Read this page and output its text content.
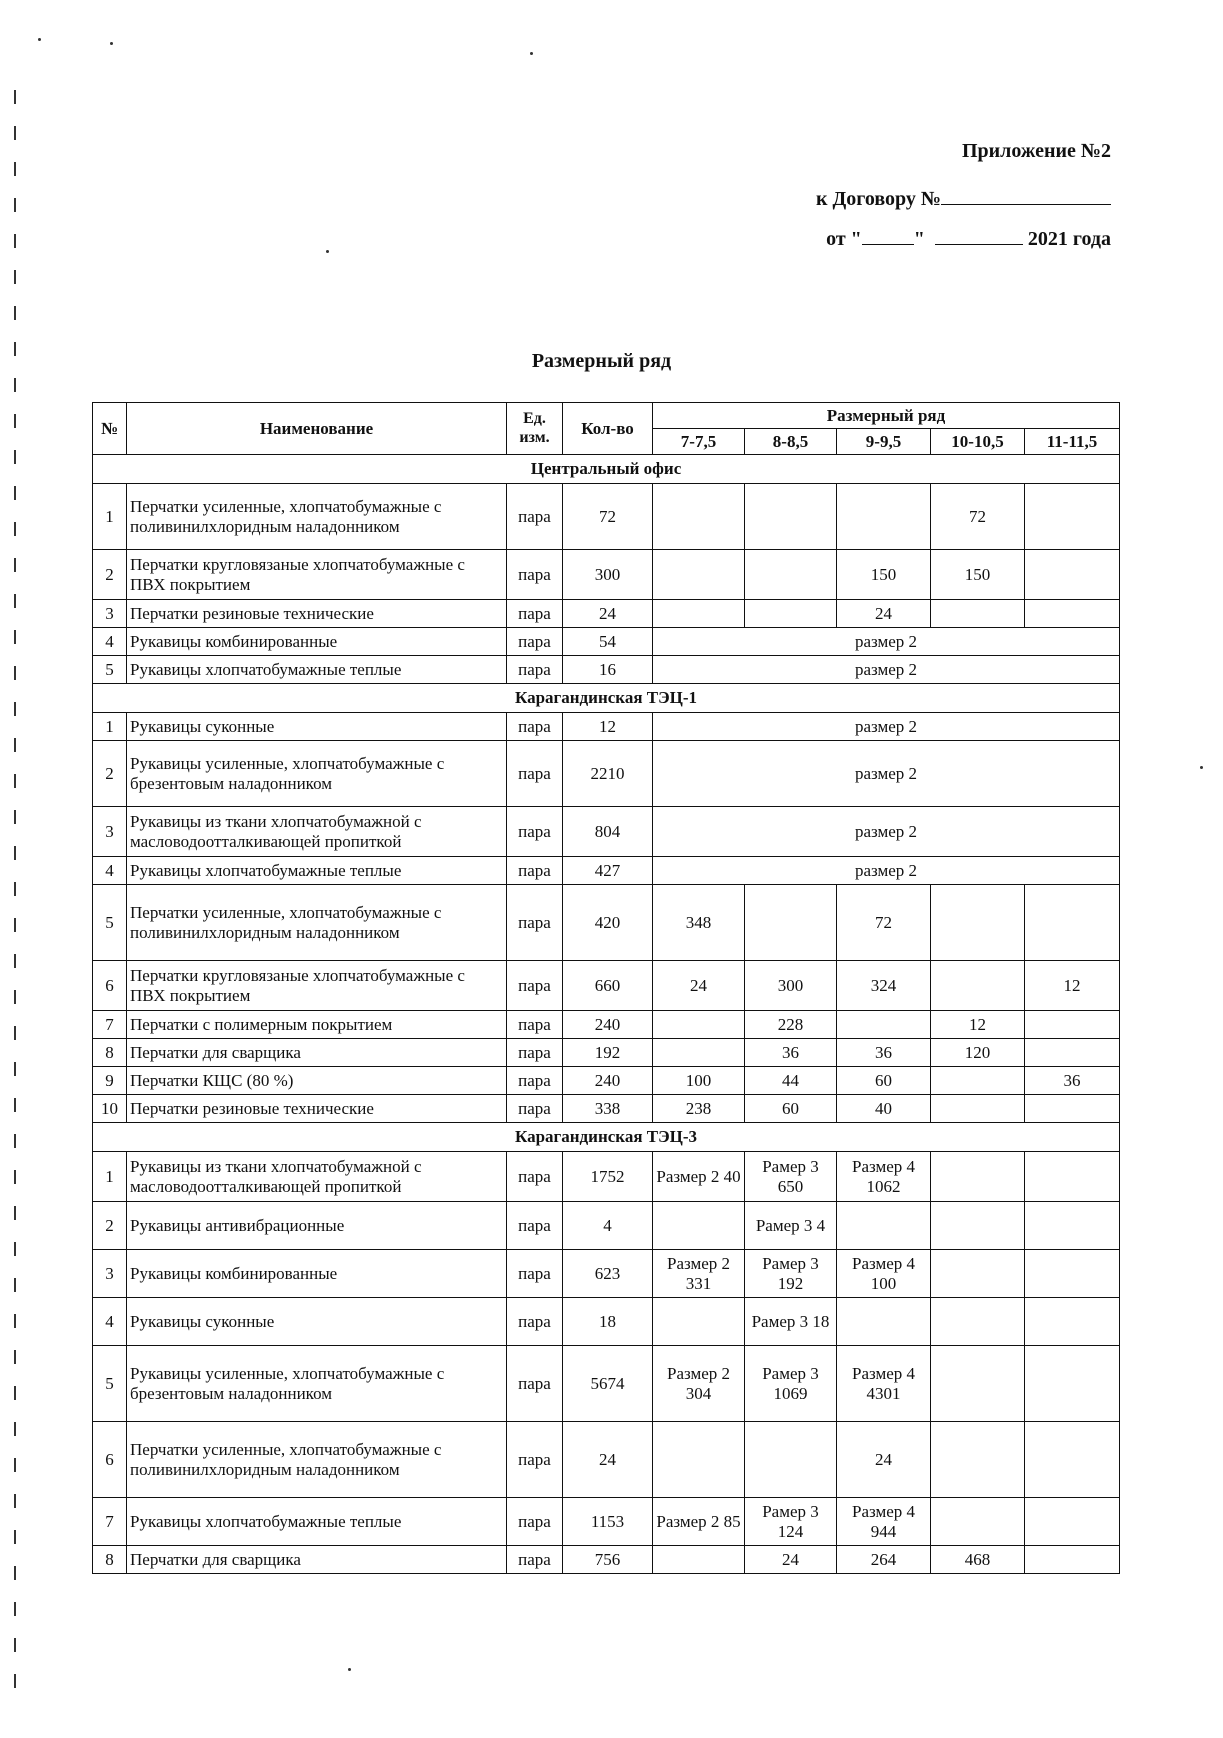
Приложение №2
к Договору №
от "	"	2021 года
Размерный ряд
№	Наименование	Ед. изм.	Кол-во	Размерный ряд				
				7-7,5	8-8,5	9-9,5	10-10,5	11-11,5
Центральный офис								
1	Перчатки усиленные, хлопчатобумажные с поливинилхлоридным наладонником	пара	72				72	
2	Перчатки кругловязаные хлопчатобумажные с ПВХ покрытием	пара	300			150	150	
3	Перчатки резиновые технические	пара	24			24		
4	Рукавицы комбинированные	пара	54	размер 2				
5	Рукавицы хлопчатобумажные теплые	пара	16	размер 2				
Карагандинская ТЭЦ-1								
1	Рукавицы суконные	пара	12	размер 2				
2	Рукавицы усиленные, хлопчатобумажные с брезентовым наладонником	пара	2210	размер 2				
3	Рукавицы из ткани хлопчатобумажной с масловодоотталкивающей пропиткой	пара	804	размер 2				
4	Рукавицы хлопчатобумажные теплые	пара	427	размер 2				
5	Перчатки усиленные, хлопчатобумажные с поливинилхлоридным наладонником	пара	420	348		72		
6	Перчатки кругловязаные хлопчатобумажные с ПВХ покрытием	пара	660	24	300	324		12
7	Перчатки с полимерным покрытием	пара	240		228		12	
8	Перчатки для сварщика	пара	192		36	36	120	
9	Перчатки КЩС (80 %)	пара	240	100	44	60		36
10	Перчатки резиновые технические	пара	338	238	60	40		
Карагандинская ТЭЦ-3								
1	Рукавицы из ткани хлопчатобумажной с масловодоотталкивающей пропиткой	пара	1752	Размер 2 40	Рамер 3 650	Размер 4 1062		
2	Рукавицы антивибрационные	пара	4		Рамер 3 4			
3	Рукавицы комбинированные	пара	623	Размер 2 331	Рамер 3 192	Размер 4 100		
4	Рукавицы суконные	пара	18		Рамер 3 18			
5	Рукавицы усиленные, хлопчатобумажные с брезентовым наладонником	пара	5674	Размер 2 304	Рамер 3 1069	Размер 4 4301		
6	Перчатки усиленные, хлопчатобумажные с поливинилхлоридным наладонником	пара	24			24		
7	Рукавицы хлопчатобумажные теплые	пара	1153	Размер 2 85	Рамер 3 124	Размер 4 944		
8	Перчатки для сварщика	пара	756		24	264	468	
